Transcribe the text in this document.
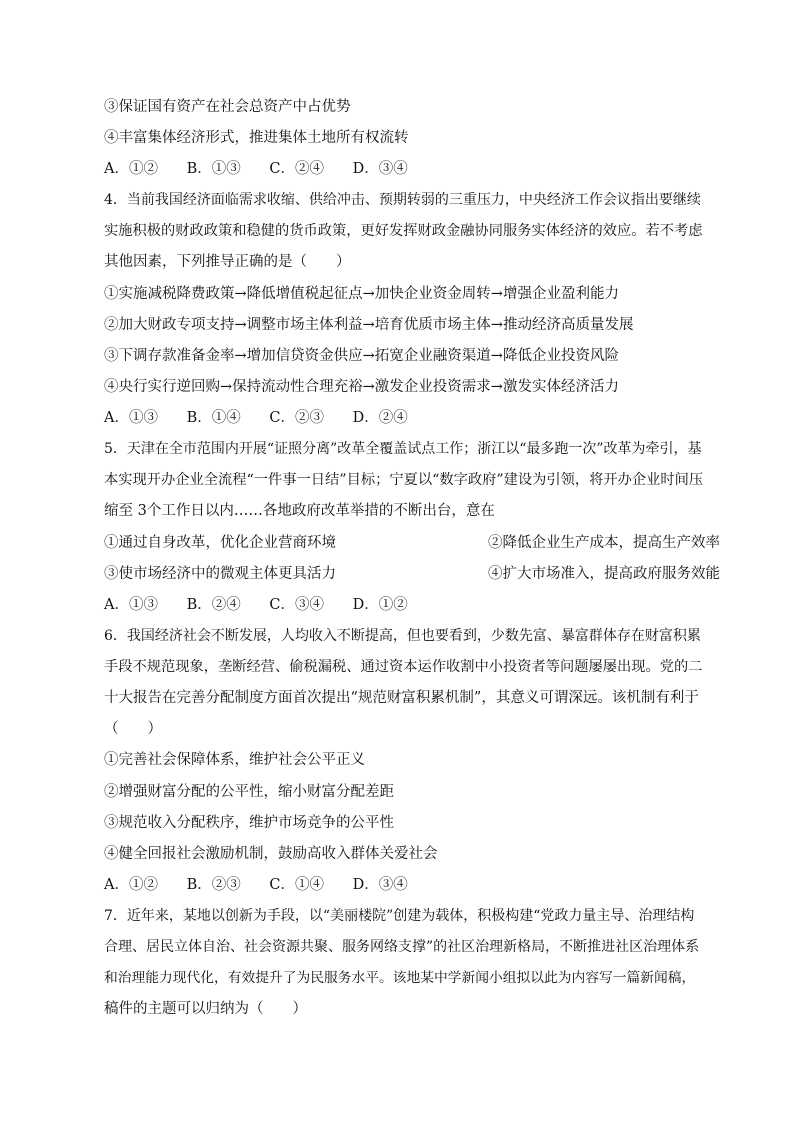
③保证国有资产在社会总资产中占优势
④丰富集体经济形式，推进集体土地所有权流转
A．①② B．①③ C．②④ D．③④
4．当前我国经济面临需求收缩、供给冲击、预期转弱的三重压力，中央经济工作会议指出要继续
实施积极的财政政策和稳健的货币政策，更好发挥财政金融协同服务实体经济的效应。若不考虑
其他因素，下列推导正确的是（　　）
①实施减税降费政策→降低增值税起征点→加快企业资金周转→增强企业盈利能力
②加大财政专项支持→调整市场主体利益→培育优质市场主体→推动经济高质量发展
③下调存款准备金率→增加信贷资金供应→拓宽企业融资渠道→降低企业投资风险
④央行实行逆回购→保持流动性合理充裕→激发企业投资需求→激发实体经济活力
A．①③ B．①④ C．②③ D．②④
5．天津在全市范围内开展“证照分离”改革全覆盖试点工作；浙江以“最多跑一次”改革为牵引，基
本实现开办企业全流程“一件事一日结”目标；宁夏以“数字政府”建设为引领，将开办企业时间压
缩至 3个工作日以内……各地政府改革举措的不断出台，意在
①通过自身改革，优化企业营商环境	②降低企业生产成本，提高生产效率
③使市场经济中的微观主体更具活力	④扩大市场准入，提高政府服务效能
A．①③ B．②④ C．③④ D．①②
6．我国经济社会不断发展，人均收入不断提高，但也要看到，少数先富、暴富群体存在财富积累
手段不规范现象，垄断经营、偷税漏税、通过资本运作收割中小投资者等问题屡屡出现。党的二
十大报告在完善分配制度方面首次提出“规范财富积累机制”，其意义可谓深远。该机制有利于
（　　）
①完善社会保障体系，维护社会公平正义
②增强财富分配的公平性，缩小财富分配差距
③规范收入分配秩序，维护市场竞争的公平性
④健全回报社会激励机制，鼓励高收入群体关爱社会
A．①② B．②③ C．①④ D．③④
7．近年来，某地以创新为手段，以“美丽楼院”创建为载体，积极构建“党政力量主导、治理结构
合理、居民立体自治、社会资源共聚、服务网络支撑”的社区治理新格局，不断推进社区治理体系
和治理能力现代化，有效提升了为民服务水平。该地某中学新闻小组拟以此为内容写一篇新闻稿，
稿件的主题可以归纳为（　　）
